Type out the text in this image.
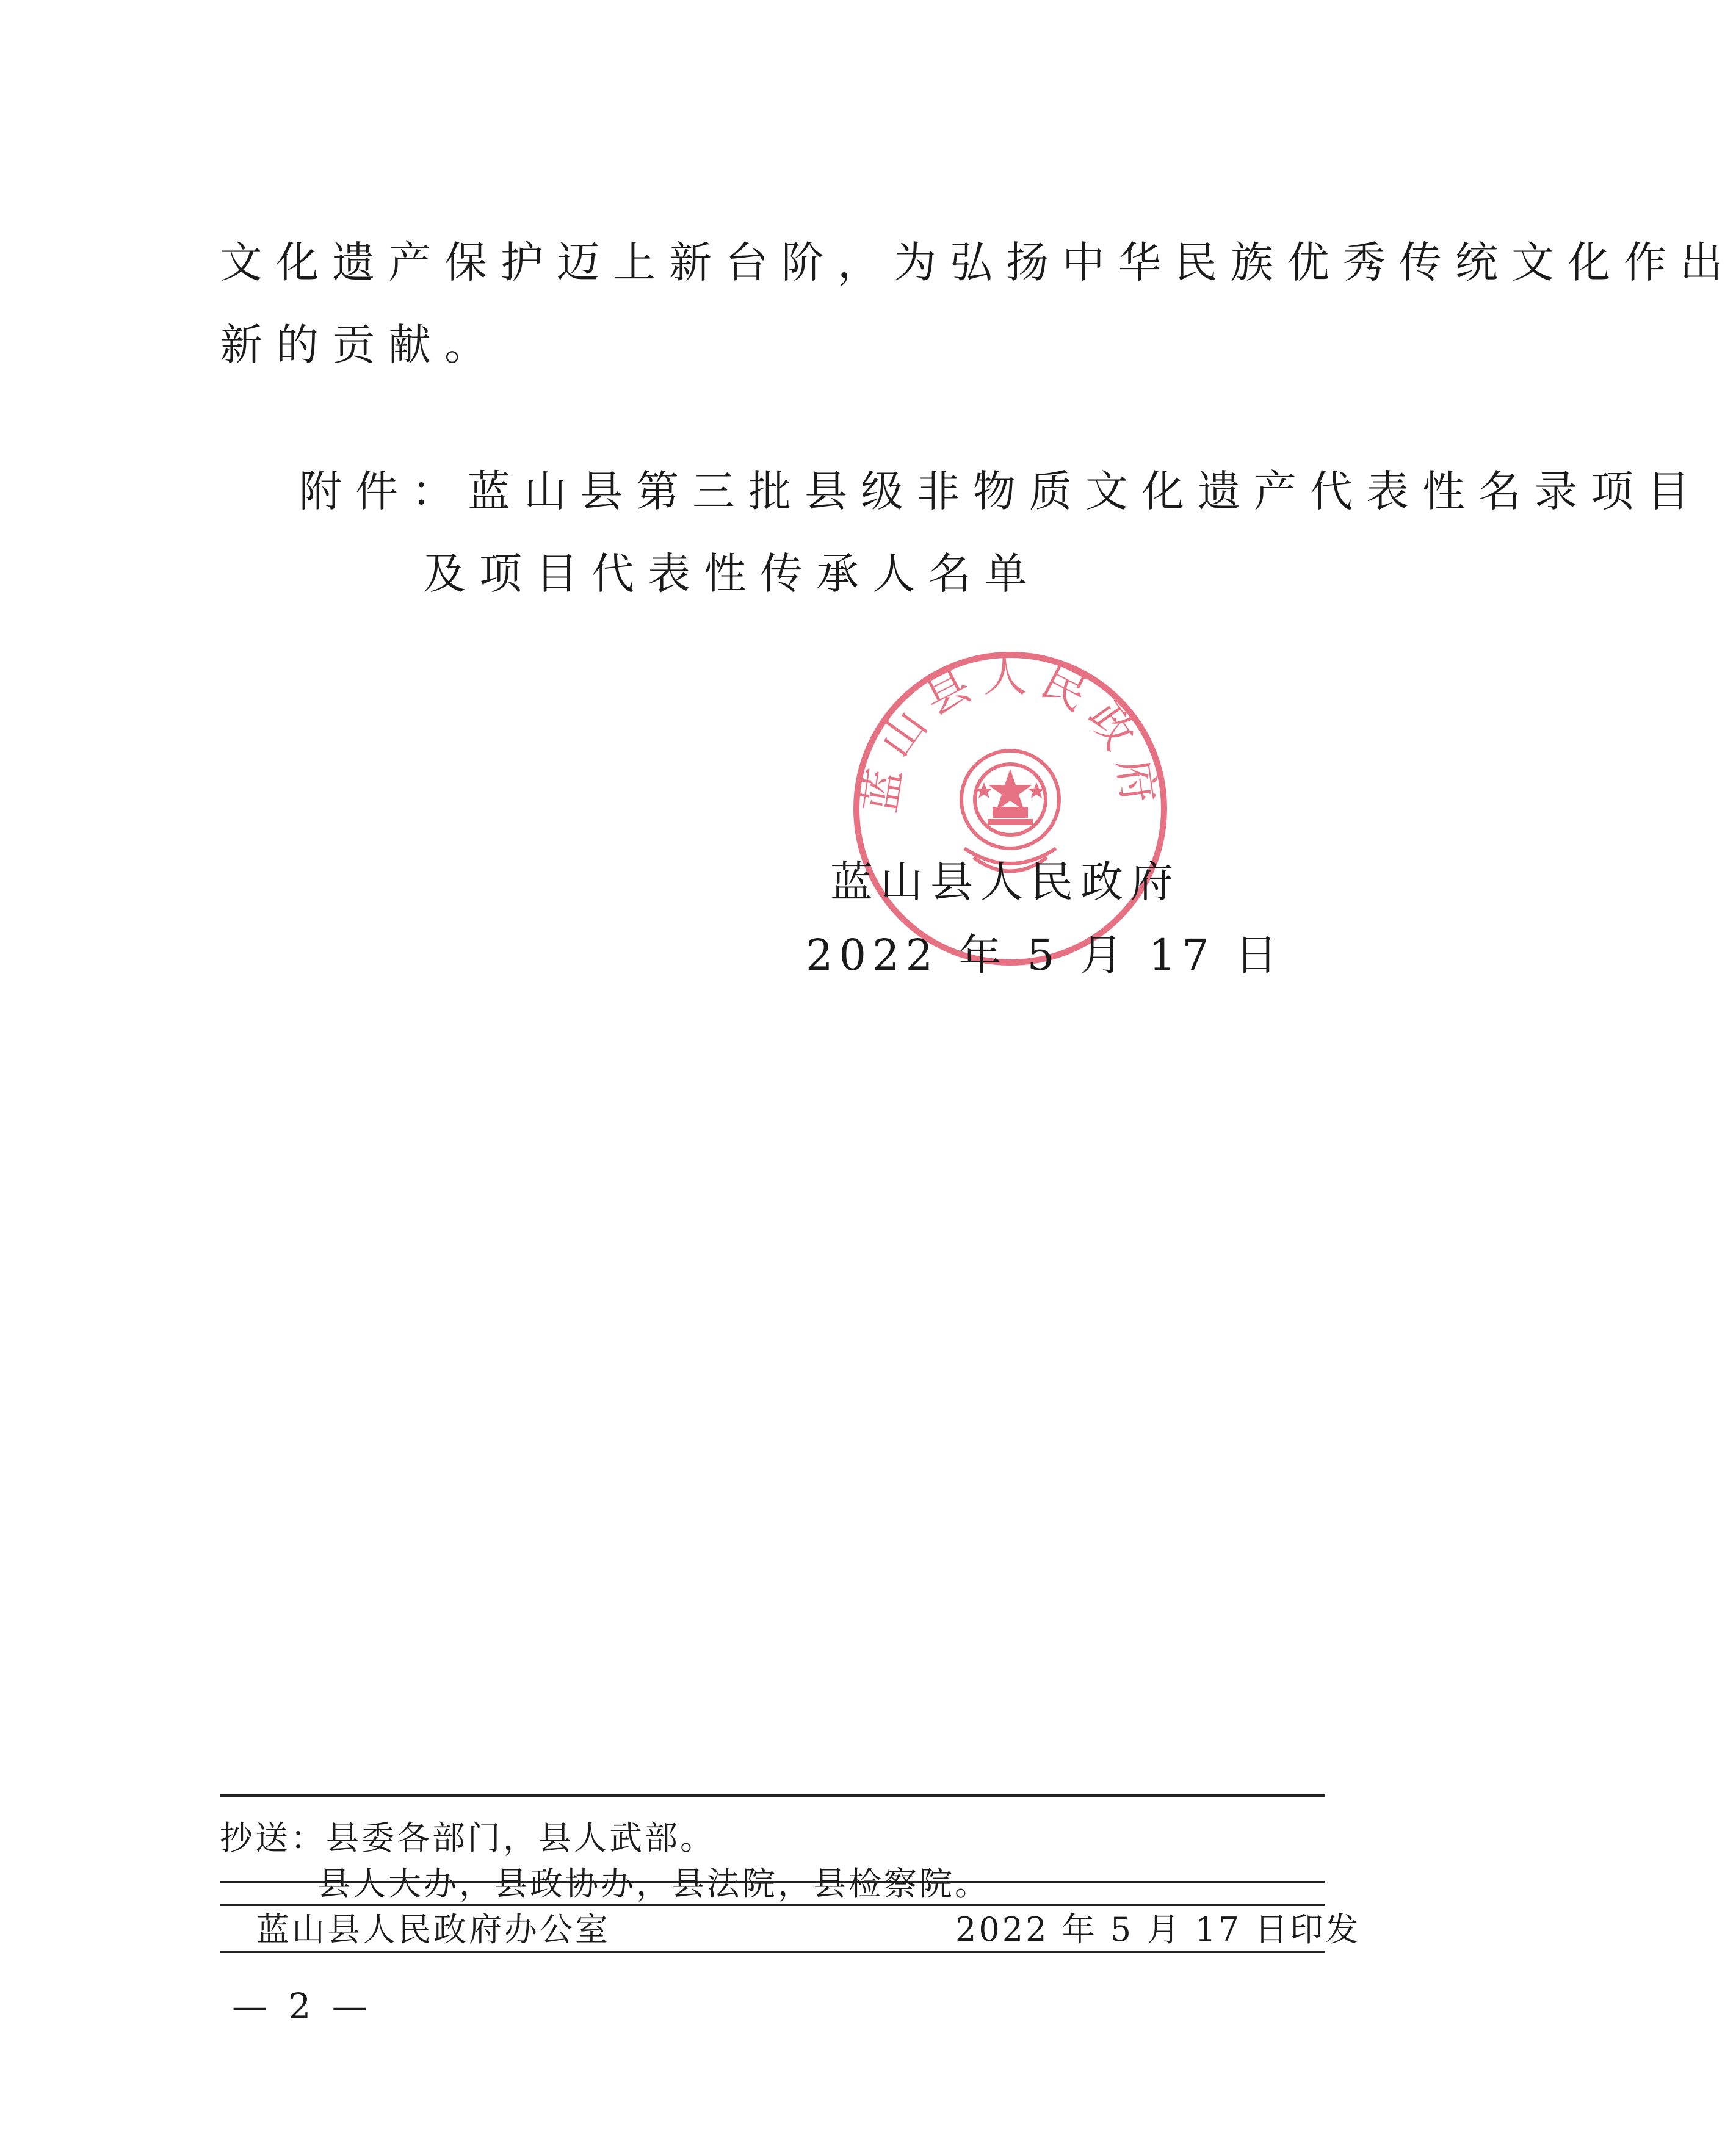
文化遗产保护迈上新台阶，为弘扬中华民族优秀传统文化作出
新的贡献。
附件：蓝山县第三批县级非物质文化遗产代表性名录项目
及项目代表性传承人名单
蓝山县人民政府
蓝山县人民政府
2022 年 5 月 17 日
抄送：县委各部门，县人武部。
县人大办，县政协办，县法院，县检察院。
蓝山县人民政府办公室	2022 年 5 月 17 日印发
— 2 —
